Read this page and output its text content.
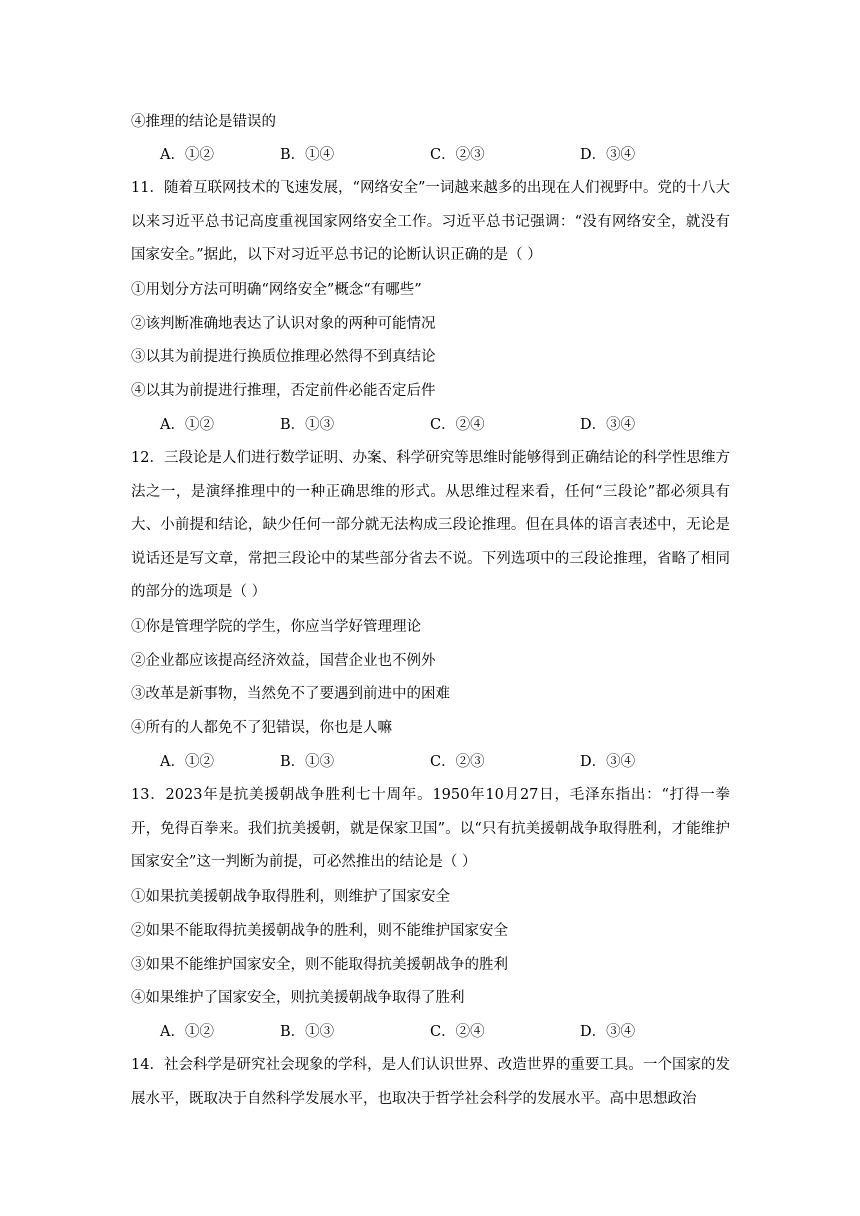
④推理的结论是错误的
A．①②	B．①④	C．②③	D．③④
11．随着互联网技术的飞速发展，“网络安全”一词越来越多的出现在人们视野中。党的十八大以来习近平总书记高度重视国家网络安全工作。习近平总书记强调：“没有网络安全，就没有国家安全。”据此，以下对习近平总书记的论断认识正确的是（ ）
①用划分方法可明确“网络安全”概念“有哪些”
②该判断准确地表达了认识对象的两种可能情况
③以其为前提进行换质位推理必然得不到真结论
④以其为前提进行推理，否定前件必能否定后件
A．①②	B．①③	C．②④	D．③④
12．三段论是人们进行数学证明、办案、科学研究等思维时能够得到正确结论的科学性思维方法之一，是演绎推理中的一种正确思维的形式。从思维过程来看，任何“三段论”都必须具有大、小前提和结论，缺少任何一部分就无法构成三段论推理。但在具体的语言表述中，无论是说话还是写文章，常把三段论中的某些部分省去不说。下列选项中的三段论推理，省略了相同的部分的选项是（ ）
①你是管理学院的学生，你应当学好管理理论
②企业都应该提高经济效益，国营企业也不例外
③改革是新事物，当然免不了要遇到前进中的困难
④所有的人都免不了犯错误，你也是人嘛
A．①②	B．①③	C．②③	D．③④
13．2023年是抗美援朝战争胜利七十周年。1950年10月27日，毛泽东指出：“打得一拳开，免得百拳来。我们抗美援朝，就是保家卫国”。以“只有抗美援朝战争取得胜利，才能维护国家安全”这一判断为前提，可必然推出的结论是（ ）
①如果抗美援朝战争取得胜利，则维护了国家安全
②如果不能取得抗美援朝战争的胜利，则不能维护国家安全
③如果不能维护国家安全，则不能取得抗美援朝战争的胜利
④如果维护了国家安全，则抗美援朝战争取得了胜利
A．①②	B．①③	C．②④	D．③④
14．社会科学是研究社会现象的学科，是人们认识世界、改造世界的重要工具。一个国家的发展水平，既取决于自然科学发展水平，也取决于哲学社会科学的发展水平。高中思想政治
